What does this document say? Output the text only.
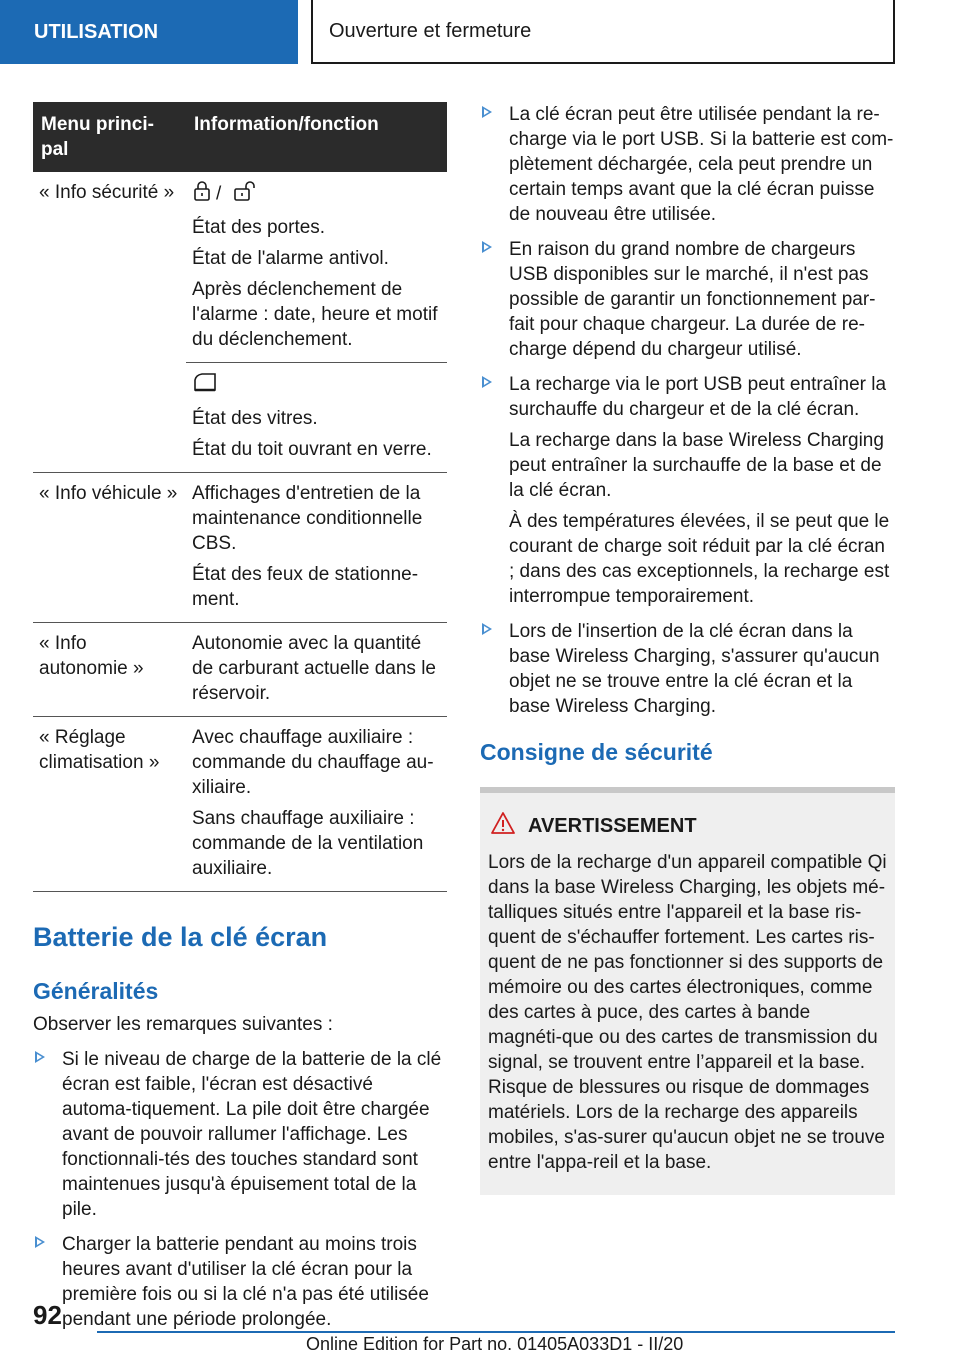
UTILISATION	Ouverture et fermeture
Menu princi-pal	Information/fonction
« Info sécurité »	/

État des portes.

État de l'alarme antivol.

Après déclenchement de l'alarme : date, heure et motif du déclenchement.

	État des vitres.

État du toit ouvrant en verre.

« Info véhicule »	Affichages d'entretien de la maintenance conditionnelle CBS.

État des feux de stationne-ment.

« Info autonomie »	Autonomie avec la quantité de carburant actuelle dans le réservoir.

« Réglage climatisation »	Avec chauffage auxiliaire : commande du chauffage au-xiliaire.

Sans chauffage auxiliaire : commande de la ventilation auxiliaire.

Batterie de la clé écran
Généralités

Observer les remarques suivantes :

Si le niveau de charge de la batterie de la clé écran est faible, l'écran est désactivé automa-tiquement. La pile doit être chargée avant de pouvoir rallumer l'affichage. Les fonctionnali-tés des touches standard sont maintenues jusqu'à épuisement total de la pile.
Charger la batterie pendant au moins trois heures avant d'utiliser la clé écran pour la première fois ou si la clé n'a pas été utilisée pendant une période prolongée.

La clé écran peut être utilisée pendant la re-charge via le port USB. Si la batterie est com-plètement déchargée, cela peut prendre un certain temps avant que la clé écran puisse de nouveau être utilisée.

En raison du grand nombre de chargeurs USB disponibles sur le marché, il n'est pas possible de garantir un fonctionnement par-fait pour chaque chargeur. La durée de re-charge dépend du chargeur utilisé.

La recharge via le port USB peut entraîner la surchauffe du chargeur et de la clé écran.

La recharge dans la base Wireless Charging peut entraîner la surchauffe de la base et de la clé écran.

À des températures élevées, il se peut que le courant de charge soit réduit par la clé écran ; dans des cas exceptionnels, la recharge est interrompue temporairement.

Lors de l'insertion de la clé écran dans la base Wireless Charging, s'assurer qu'aucun objet ne se trouve entre la clé écran et la base Wireless Charging.

Consigne de sécurité
AVERTISSEMENT
Lors de la recharge d'un appareil compatible Qi dans la base Wireless Charging, les objets mé-talliques situés entre l'appareil et la base ris-quent de s'échauffer fortement. Les cartes ris-quent de ne pas fonctionner si des supports de mémoire ou des cartes électroniques, comme des cartes à puce, des cartes à bande magnéti-que ou des cartes de transmission du signal, se trouvent entre l’appareil et la base. Risque de blessures ou risque de dommages matériels. Lors de la recharge des appareils mobiles, s'as-surer qu'aucun objet ne se trouve entre l'appa-reil et la base.
92
Online Edition for Part no. 01405A033D1 - II/20
